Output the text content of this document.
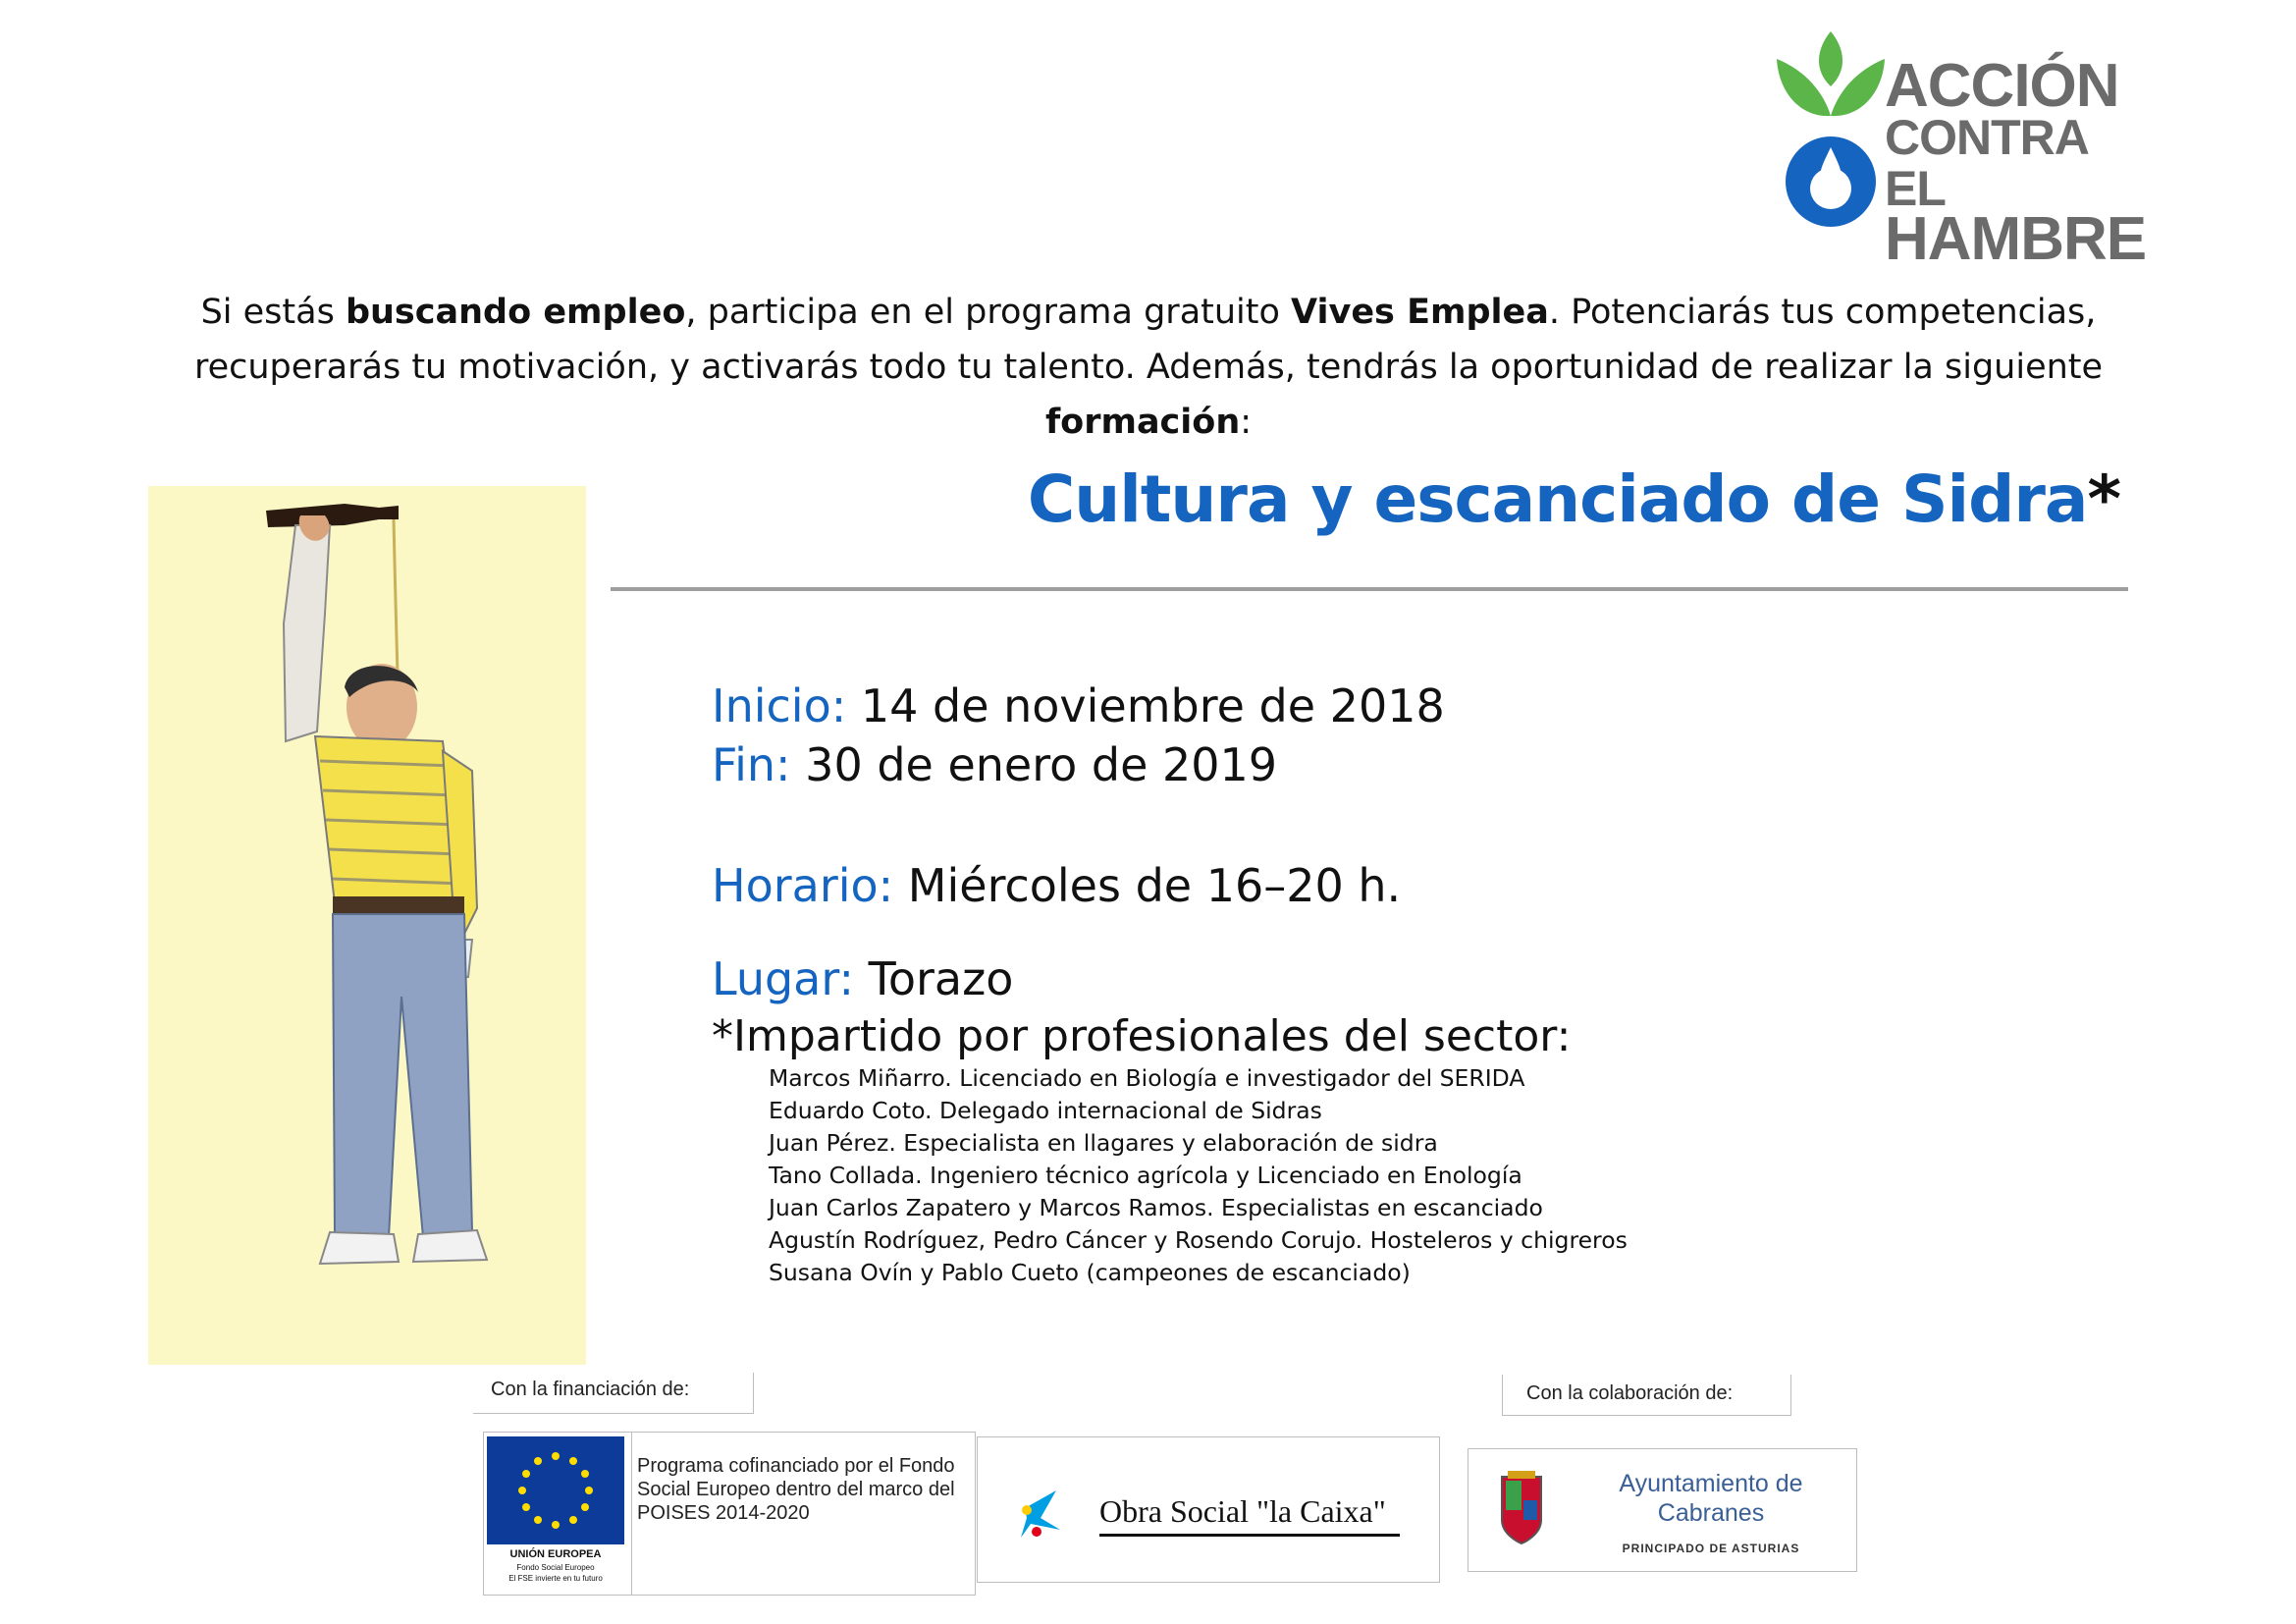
ACCIÓN
CONTRA EL
HAMBRE
Si estás buscando empleo, participa en el programa gratuito Vives Emplea. Potenciarás tus competencias, recuperarás tu motivación, y activarás todo tu talento. Además, tendrás la oportunidad de realizar la siguiente formación:
Cultura y escanciado de Sidra*
Inicio: 14 de noviembre de 2018
Fin: 30 de enero de 2019
Horario: Miércoles de 16–20 h.
Lugar: Torazo
*Impartido por profesionales del sector:
Marcos Miñarro. Licenciado en Biología e investigador del SERIDA
Eduardo Coto. Delegado internacional de Sidras
Juan Pérez. Especialista en llagares y elaboración de sidra
Tano Collada. Ingeniero técnico agrícola y Licenciado en Enología
Juan Carlos Zapatero y Marcos Ramos. Especialistas en escanciado
Agustín Rodríguez, Pedro Cáncer y Rosendo Corujo. Hosteleros y chigreros
Susana Ovín y Pablo Cueto (campeones de escanciado)
Con la financiación de:
UNIÓN EUROPEA
Fondo Social Europeo
El FSE invierte en tu futuro
Programa cofinanciado por el Fondo Social Europeo dentro del marco del POISES 2014-2020	Obra Social "la Caixa"
Con la colaboración de:
Ayuntamiento de
Cabranes
PRINCIPADO DE ASTURIAS
